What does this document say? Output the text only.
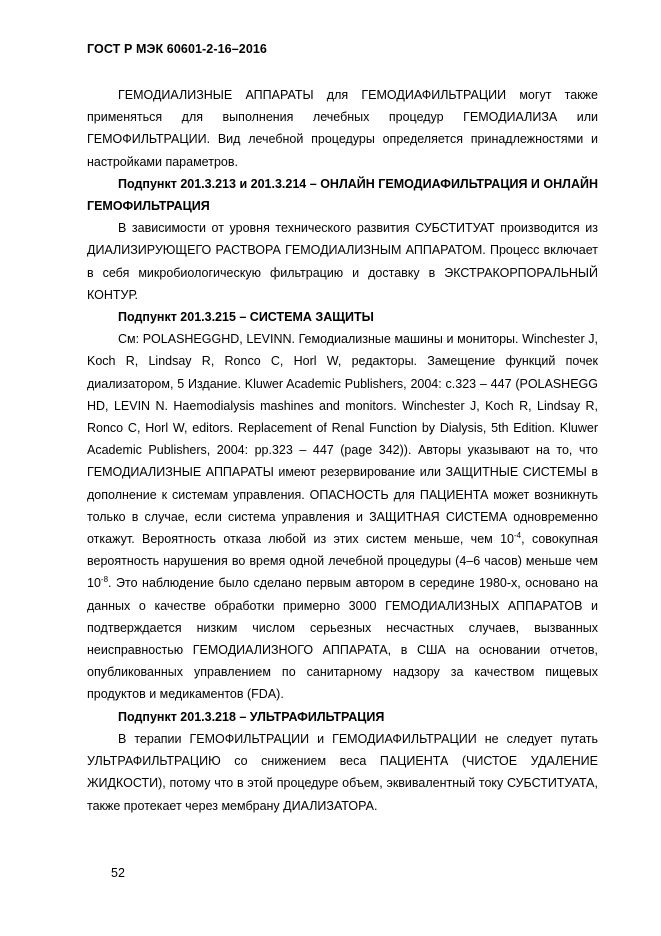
ГОСТ Р МЭК 60601-2-16–2016

ГЕМОДИАЛИЗНЫЕ АППАРАТЫ для ГЕМОДИАФИЛЬТРАЦИИ могут также применяться для выполнения лечебных процедур ГЕМОДИАЛИЗА или ГЕМОФИЛЬТРАЦИИ. Вид лечебной процедуры определяется принадлежностями и настройками параметров.

Подпункт 201.3.213 и 201.3.214 – ОНЛАЙН ГЕМОДИАФИЛЬТРАЦИЯ И ОНЛАЙН ГЕМОФИЛЬТРАЦИЯ

В зависимости от уровня технического развития СУБСТИТУАТ производится из ДИАЛИЗИРУЮЩЕГО РАСТВОРА ГЕМОДИАЛИЗНЫМ АППАРАТОМ. Процесс включает в себя микробиологическую фильтрацию и доставку в ЭКСТРАКОРПОРАЛЬНЫЙ КОНТУР.

Подпункт 201.3.215 – СИСТЕМА ЗАЩИТЫ

См: POLASHEGGHD, LEVINN. Гемодиализные машины и мониторы. Winchester J, Koch R, Lindsay R, Ronco C, Horl W, редакторы. Замещение функций почек диализатором, 5 Издание. Kluwer Academic Publishers, 2004: с.323 – 447 (POLASHEGG HD, LEVIN N. Haemodialysis mashines and monitors. Winchester J, Koch R, Lindsay R, Ronco C, Horl W, editors. Replacement of Renal Function by Dialysis, 5th Edition. Kluwer Academic Publishers, 2004: pp.323 – 447 (page 342)). Авторы указывают на то, что ГЕМОДИАЛИЗНЫЕ АППАРАТЫ имеют резервирование или ЗАЩИТНЫЕ СИСТЕМЫ в дополнение к системам управления. ОПАСНОСТЬ для ПАЦИЕНТА может возникнуть только в случае, если система управления и ЗАЩИТНАЯ СИСТЕМА одновременно откажут. Вероятность отказа любой из этих систем меньше, чем $10^{-4}$, совокупная вероятность нарушения во время одной лечебной процедуры (4–6 часов) меньше чем $10^{-8}$. Это наблюдение было сделано первым автором в середине 1980-х, основано на данных о качестве обработки примерно 3000 ГЕМОДИАЛИЗНЫХ АППАРАТОВ и подтверждается низким числом серьезных несчастных случаев, вызванных неисправностью ГЕМОДИАЛИЗНОГО АППАРАТА, в США на основании отчетов, опубликованных управлением по санитарному надзору за качеством пищевых продуктов и медикаментов (FDA).

Подпункт 201.3.218 – УЛЬТРАФИЛЬТРАЦИЯ

В терапии ГЕМОФИЛЬТРАЦИИ и ГЕМОДИАФИЛЬТРАЦИИ не следует путать УЛЬТРАФИЛЬТРАЦИЮ со снижением веса ПАЦИЕНТА (ЧИСТОЕ УДАЛЕНИЕ ЖИДКОСТИ), потому что в этой процедуре объем, эквивалентный току СУБСТИТУАТА, также протекает через мембрану ДИАЛИЗАТОРА.

52
